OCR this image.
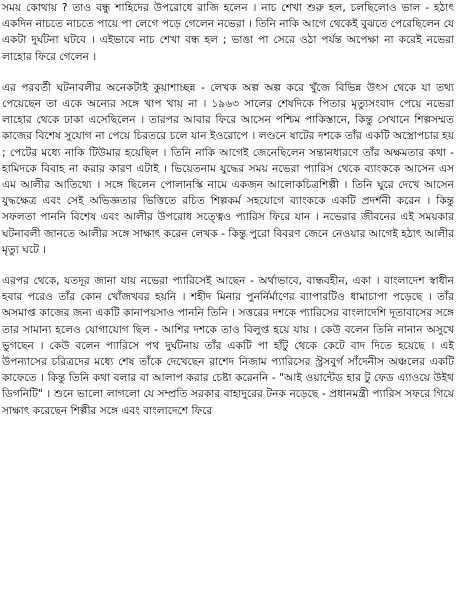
সময় কোথায় ? তাও বন্ধু শাহিদের উপরোধে রাজি হলেন । নাচ শেখা শুরু হল, চলছিলোও ভাল - হঠাৎ একদিন নাচতে নাচতে পায়ে পা লেগে পড়ে গেলেন নভেরা । তিনি নাকি আগে থেকেই বুঝতে পেরেছিলেন যে একটা দুর্ঘটনা ঘটবে । এইভাবে নাচ শেখা বন্ধ হল ; ভাঙা পা সেরে ওঠা পর্যন্ত অপেক্ষা না করেই নভেরা লাহোর ফিরে গেলেন ।

এর পরবর্তী ঘটনাবলীর অনেকটাই কুয়াশাচ্ছন্ন - লেখক অল্প অল্প করে খুঁজে বিভিন্ন উৎস থেকে যা তথ্য পেয়েছেন তা একে অন্যের সঙ্গে খাপ খায় না । ১৯৬৩ সালের শেষদিকে পিতার মৃত্যুসংবাদ পেয়ে নভেরা লাহোর থেকে ঢাকা এসেছিলেন । তারপর আবার ফিরে আসেন পশ্চিম পাকিস্তানে, কিন্তু সেখানে শিল্পসম্মত কাজের বিশেষ সুযোগ না পেয়ে চিরতরে চলে যান ইওরোপে । লণ্ডনে ষাটের দশকে তাঁর একটি অস্ত্রোপচার হয় ; পেটের মধ্যে নাকি টিউমার হয়েছিল । তিনি নাকি আগেই জেনেছিলেন সন্তানধারণে তাঁর অক্ষমতার কথা - হামিদকে বিবাহ না করার কারণ এটাই । ভিয়েতনাম যুদ্ধের সময় নভেরা প্যারিস থেকে ব্যাংককে আসেন এস এম আলীর আতিথ্যে । সঙ্গে ছিলেন পোলানস্কি নামে একজন আলোকচিত্রশিল্পী । তিনি ঘুরে দেখে আসেন যুদ্ধক্ষেত্র এবং সেই অভিজ্ঞতার ভিত্তিতে রচিত শিল্পকর্ম সহযোগে ব্যাংককে একটি প্রদর্শনী করেন । কিন্তু সফলতা পাননি বিশেষ এবং আলীর উপরোধ সত্ত্বেও প্যারিস ফিরে যান । নভেরার জীবনের এই সময়কার ঘটনাবলী জানতে আলীর সঙ্গে সাক্ষাৎ করেন লেখক - কিন্তু পুরো বিবরণ জেনে নেওয়ার আগেই হঠাৎ আলীর মৃত্যু ঘটে ।

এরপর থেকে, যতদূর জানা যায় নভেরা প্যারিসেই আছেন - অর্থাভাবে, বান্ধবহীন, একা । বাংলাদেশ স্বাধীন হবার পরেও তাঁর কোন খোঁজখবর হয়নি । শহীদ মিনার পুনর্নির্মাণের ব্যাপারটিও ধামাচাপা পড়েছে । তাঁর অসমাপ্ত কাজের জন্য একটি কানাপয়সাও পাননি তিনি । সত্তরের দশকে প্যারিসের বাংলাদেশি দূতাবাসের সঙ্গে তার সামান্য হলেও যোগাযোগ ছিল - আশির দশকে তাও বিলুপ্ত হয়ে যায় । কেউ বলেন তিনি নানান অসুখে ভুগছেন । কেউ বলেন প্যারিসে পথ দুর্ঘটনায় তাঁর একটি পা হাঁটু থেকে কেটে বাদ দিতে হয়েছে । এই উপন্যাসের চরিত্রদের মধ্যে শেষ তাঁকে দেখেছেন রাশেদ নিজাম প্যারিসের স্ট্রসবুর্গ সাঁদেনীস অঞ্চলের একটি কাফেতে । কিন্তু তিনি কথা বলার বা আলাপ করার চেষ্টা করেননি - "আই ওয়ান্টেড হার টু ফেড এ্যাওয়ে উইথ ডিগনিটি" । শুনে ভালো লাগলো যে সম্প্রতি সরকার বাহাদুরের টনক নড়েছে - প্রধানমন্ত্রী প্যারিস সফরে গিয়ে সাক্ষাৎ করেছেন শিল্পীর সঙ্গে এবং বাংলাদেশে ফিরে
